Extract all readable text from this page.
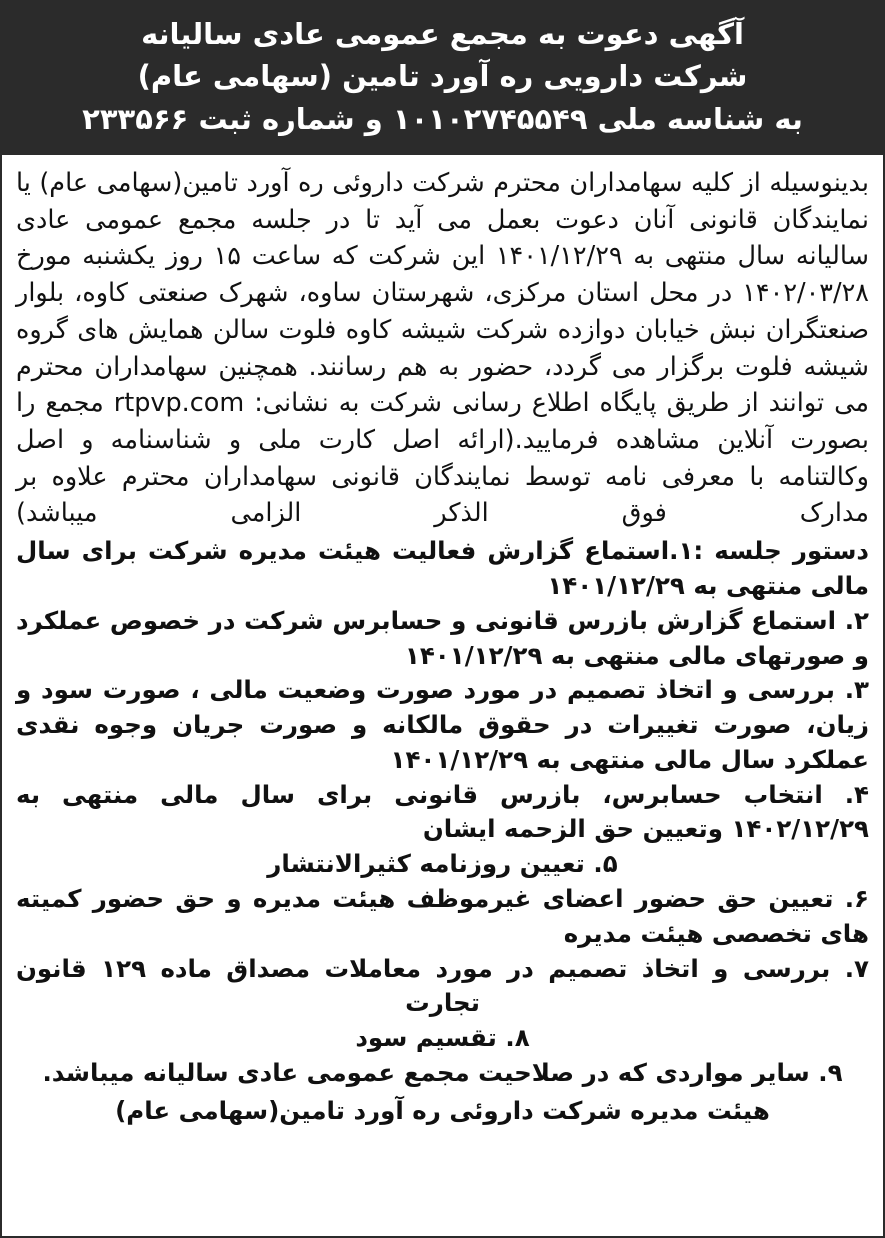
آگهی دعوت به مجمع عمومی عادی سالیانه
شرکت دارویی ره آورد تامین (سهامی عام)
به شناسه ملی ۱۰۱۰۲۷۴۵۵۴۹ و شماره ثبت ۲۳۳۵۶۶

بدینوسیله از کلیه سهامداران محترم شرکت داروئی ره آورد تامین(سهامی عام) یا نمایندگان قانونی آنان دعوت بعمل می آید تا در جلسه مجمع عمومی عادی سالیانه سال منتهی به ۱۴۰۱/۱۲/۲۹ این شرکت که ساعت ۱۵ روز یکشنبه مورخ ۱۴۰۲/۰۳/۲۸ در محل استان مرکزی، شهرستان ساوه، شهرک صنعتی کاوه، بلوار صنعتگران نبش خیابان دوازده شرکت شیشه کاوه فلوت سالن همایش های گروه شیشه فلوت برگزار می گردد، حضور به هم رسانند. همچنین سهامداران محترم می توانند از طریق پایگاه اطلاع رسانی شرکت به نشانی: rtpvp.com مجمع را بصورت آنلاین مشاهده فرمایید.(ارائه اصل کارت ملی و شناسنامه و اصل وکالتنامه با معرفی نامه توسط نمایندگان قانونی سهامداران محترم علاوه بر مدارک فوق الذکر الزامی میباشد)

دستور جلسه :۱.استماع گزارش فعالیت هیئت مدیره شرکت برای سال مالی منتهی به ۱۴۰۱/۱۲/۲۹

۲. استماع گزارش بازرس قانونی و حسابرس شرکت در خصوص عملکرد و صورتهای مالی منتهی به ۱۴۰۱/۱۲/۲۹

۳. بررسی و اتخاذ تصمیم در مورد صورت وضعیت مالی ، صورت سود و زیان، صورت تغییرات در حقوق مالکانه و صورت جریان وجوه نقدی عملکرد سال مالی منتهی به ۱۴۰۱/۱۲/۲۹

۴. انتخاب حسابرس، بازرس قانونی برای سال مالی منتهی به ۱۴۰۲/۱۲/۲۹ وتعیین حق الزحمه ایشان

۵. تعیین روزنامه کثیرالانتشار

۶. تعیین حق حضور اعضای غیرموظف هیئت مدیره و حق حضور کمیته های تخصصی هیئت مدیره

۷. بررسی و اتخاذ تصمیم در مورد معاملات مصداق ماده ۱۲۹ قانون تجارت

۸. تقسیم سود

۹. سایر مواردی که در صلاحیت مجمع عمومی عادی سالیانه میباشد.

هیئت مدیره شرکت داروئی ره آورد تامین(سهامی عام)
